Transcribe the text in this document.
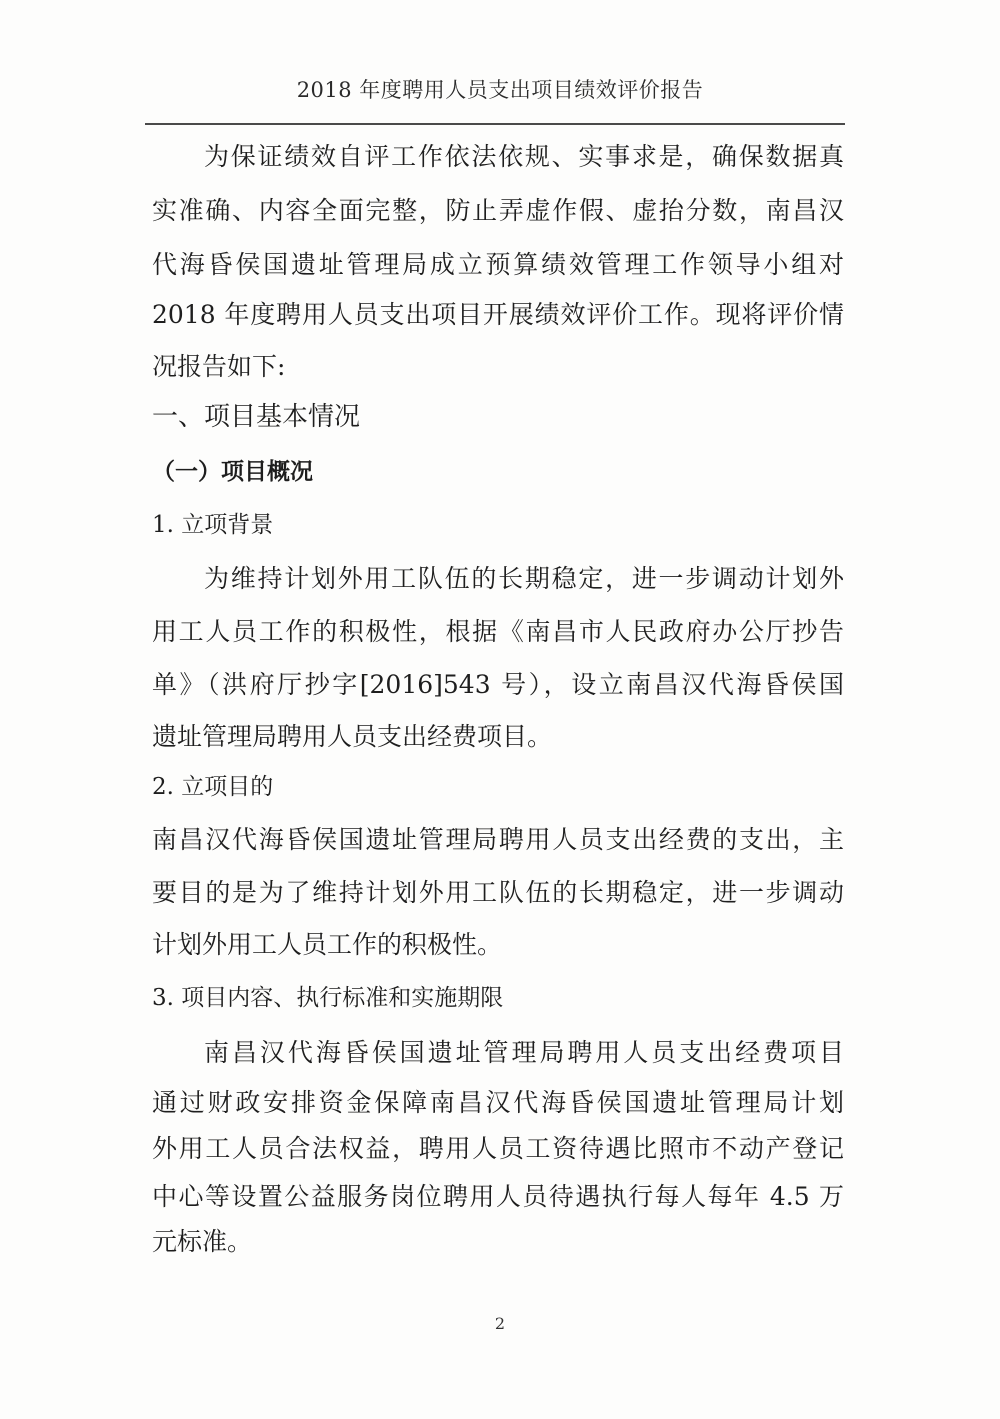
2018 年度聘用人员支出项目绩效评价报告
为保证绩效自评工作依法依规、实事求是，确保数据真
实准确、内容全面完整，防止弄虚作假、虚抬分数，南昌汉
代海昏侯国遗址管理局成立预算绩效管理工作领导小组对
2018 年度聘用人员支出项目开展绩效评价工作。现将评价情
况报告如下:
一、项目基本情况
（一）项目概况
1. 立项背景
为维持计划外用工队伍的长期稳定，进一步调动计划外
用工人员工作的积极性，根据《南昌市人民政府办公厅抄告
单》（洪府厅抄字[2016]543 号），设立南昌汉代海昏侯国
遗址管理局聘用人员支出经费项目。
2. 立项目的
南昌汉代海昏侯国遗址管理局聘用人员支出经费的支出，主
要目的是为了维持计划外用工队伍的长期稳定，进一步调动
计划外用工人员工作的积极性。
3. 项目内容、执行标准和实施期限
南昌汉代海昏侯国遗址管理局聘用人员支出经费项目
通过财政安排资金保障南昌汉代海昏侯国遗址管理局计划
外用工人员合法权益，聘用人员工资待遇比照市不动产登记
中心等设置公益服务岗位聘用人员待遇执行每人每年 4.5 万
元标准。
2
